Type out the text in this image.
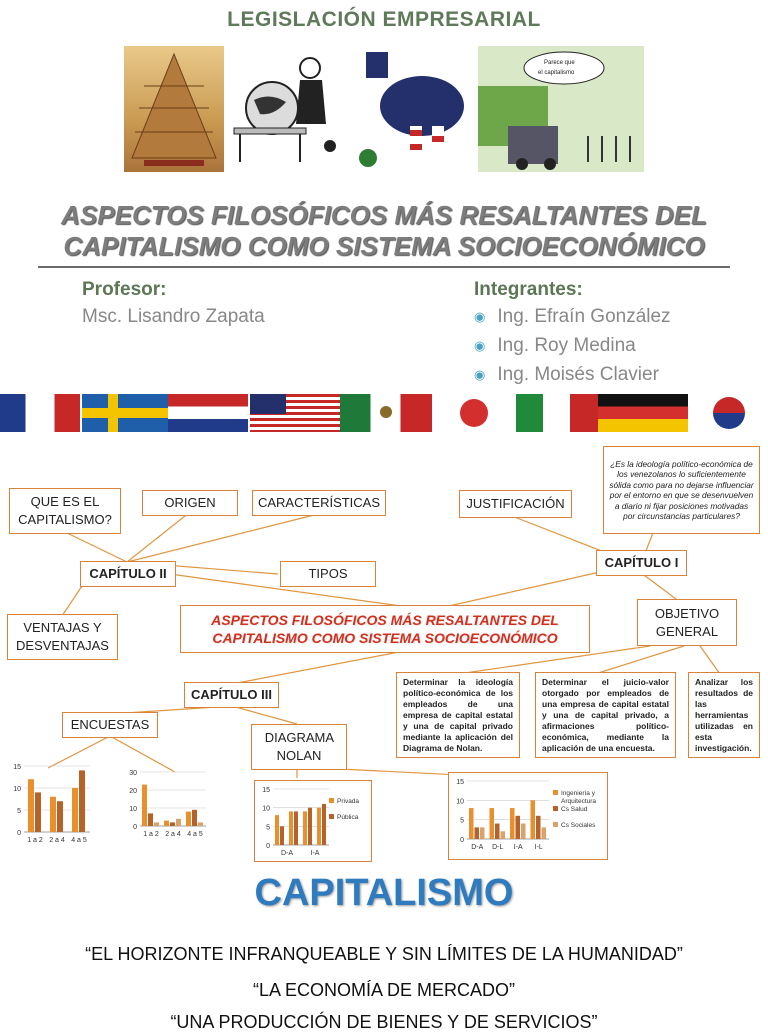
LEGISLACIÓN EMPRESARIAL
Parece que
el capitalismo
ASPECTOS FILOSÓFICOS MÁS RESALTANTES DEL
CAPITALISMO COMO SISTEMA SOCIOECONÓMICO
Profesor:
Msc. Lisandro Zapata
Integrantes:
◉ Ing. Efraín González
◉ Ing. Roy Medina
◉ Ing. Moisés Clavier
¿Es la ideología político-económica de los venezolanos lo suficientemente sólida como para no dejarse influenciar por el entorno en que se desenvuelven a diario ni fijar posiciones motivadas por circunstancias particulares?
QUE ES EL CAPITALISMO?
ORIGEN	CARACTERÍSTICAS	JUSTIFICACIÓN
CAPÍTULO I
CAPÍTULO II	TIPOS
VENTAJAS Y DESVENTAJAS
ASPECTOS FILOSÓFICOS MÁS RESALTANTES DEL
CAPITALISMO COMO SISTEMA SOCIOECONÓMICO
OBJETIVO GENERAL
CAPÍTULO III
Determinar la ideología político-económica de los empleados de una empresa de capital estatal y una de capital privado mediante la aplicación del Diagrama de Nolan.
Determinar el juicio-valor otorgado por empleados de una empresa de capital estatal y una de capital privado, a afirmaciones político-económica, mediante la aplicación de una encuesta.
Analizar los resultados de las herramientas utilizadas en esta investigación.
ENCUESTAS
DIAGRAMA NOLAN
0
5
10
15
1 a 2 2 a 4 4 a 5
0
10
20
30
1 a 2 2 a 4 4 a 5
0
5
10
15
D-A I-A
Privada
Pública
0
5
10
15
D-A D-L I-A I-L
Ingeniería y
Arquitectura
Cs Salud
Cs Sociales
CAPITALISMO
“EL HORIZONTE INFRANQUEABLE Y SIN LÍMITES DE LA HUMANIDAD”
“LA ECONOMÍA DE MERCADO”
“UNA PRODUCCIÓN DE BIENES Y DE SERVICIOS”
